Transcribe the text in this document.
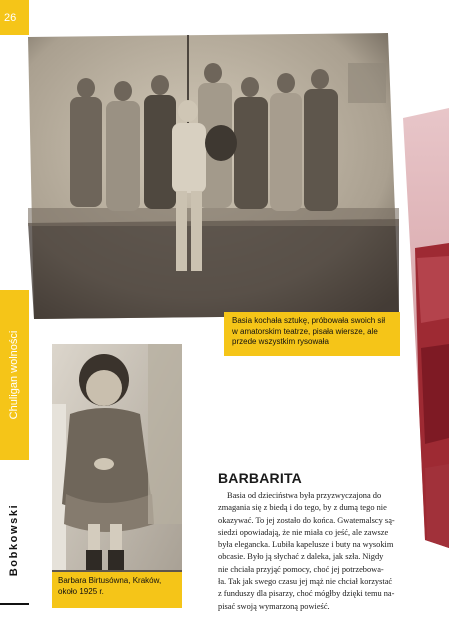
26
Chuligan wolności
Bobkowski

Basia kochała sztukę, próbowała swoich sił w amatorskim teatrze, pisała wiersze, ale przede wszystkim rysowała

Barbara Birtusówna, Kraków, około 1925 r.

BARBARITA
Basia od dzieciństwa była przyzwyczajona do
zmagania się z biedą i do tego, by z dumą tego nie
okazywać. To jej zostało do końca. Gwatemalscy są-
siedzi opowiadają, że nie miała co jeść, ale zawsze
była elegancka. Lubiła kapelusze i buty na wysokim
obcasie. Było ją słychać z daleka, jak szła. Nigdy
nie chciała przyjąć pomocy, choć jej potrzebowa-
ła. Tak jak swego czasu jej mąż nie chciał korzystać
z funduszy dla pisarzy, choć mógłby dzięki temu na-
pisać swoją wymarzoną powieść.
